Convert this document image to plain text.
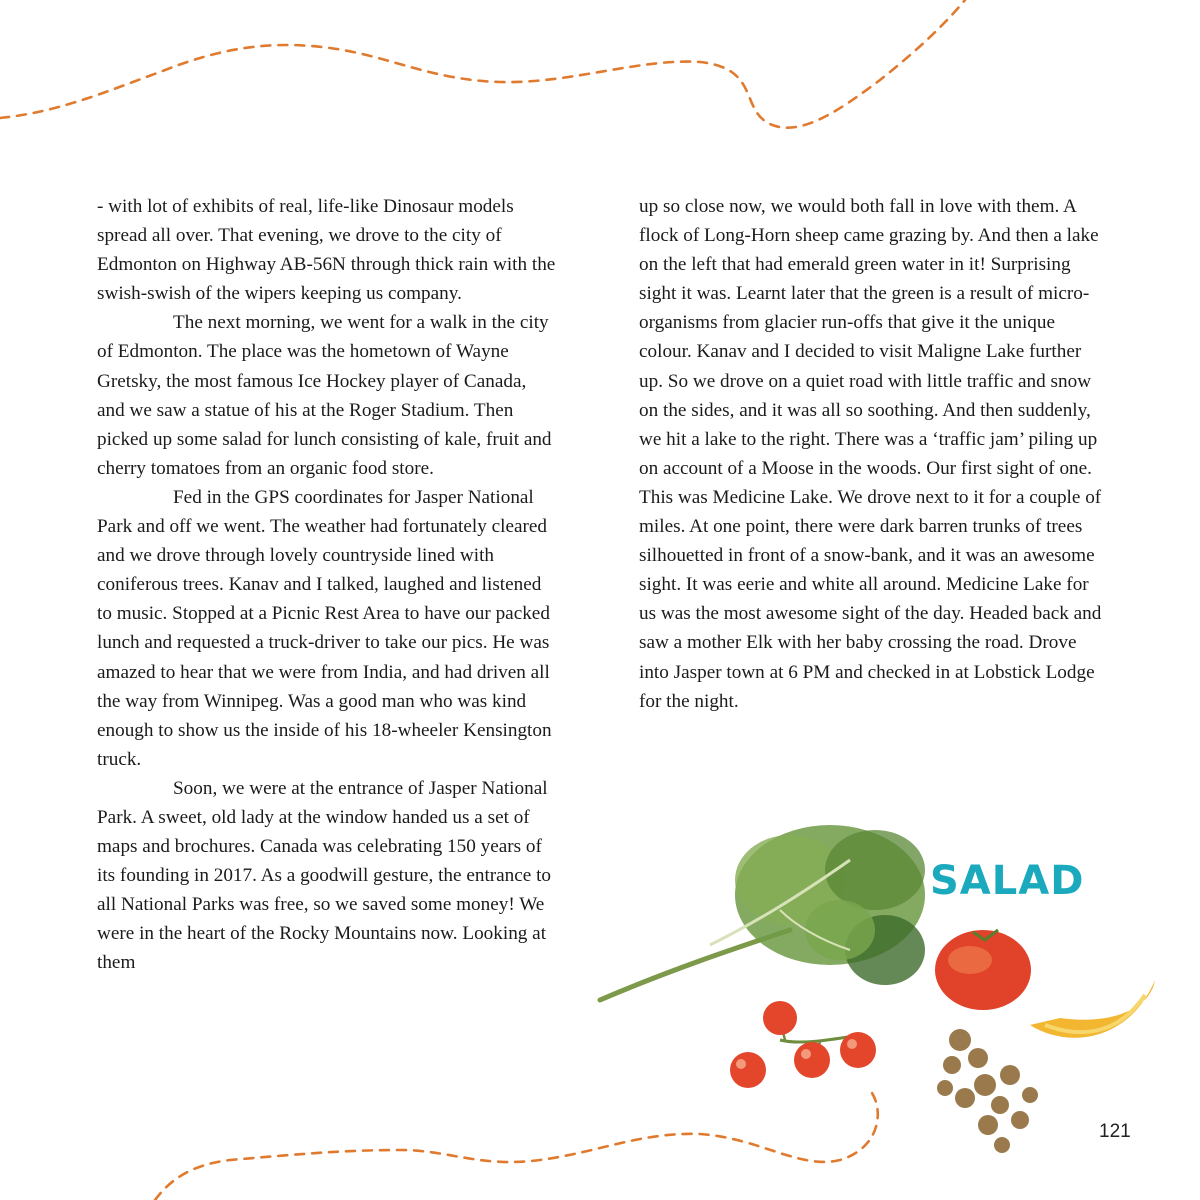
- with lot of exhibits of real, life-like Dinosaur models spread all over. That evening, we drove to the city of Edmonton on Highway AB-56N through thick rain with the swish-swish of the wipers keeping us company.

The next morning, we went for a walk in the city of Edmonton. The place was the hometown of Wayne Gretsky, the most famous Ice Hockey player of Canada, and we saw a statue of his at the Roger Stadium. Then picked up some salad for lunch consisting of kale, fruit and cherry tomatoes from an organic food store.

Fed in the GPS coordinates for Jasper National Park and off we went. The weather had fortunately cleared and we drove through lovely countryside lined with coniferous trees. Kanav and I talked, laughed and listened to music. Stopped at a Picnic Rest Area to have our packed lunch and requested a truck-driver to take our pics. He was amazed to hear that we were from India, and had driven all the way from Winnipeg. Was a good man who was kind enough to show us the inside of his 18-wheeler Kensington truck.

Soon, we were at the entrance of Jasper National Park. A sweet, old lady at the window handed us a set of maps and brochures. Canada was celebrating 150 years of its founding in 2017. As a goodwill gesture, the entrance to all National Parks was free, so we saved some money! We were in the heart of the Rocky Mountains now. Looking at them

up so close now, we would both fall in love with them. A flock of Long-Horn sheep came grazing by. And then a lake on the left that had emerald green water in it! Surprising sight it was. Learnt later that the green is a result of micro-organisms from glacier run-offs that give it the unique colour. Kanav and I decided to visit Maligne Lake further up. So we drove on a quiet road with little traffic and snow on the sides, and it was all so soothing. And then suddenly, we hit a lake to the right. There was a ‘traffic jam’ piling up on account of a Moose in the woods. Our first sight of one. This was Medicine Lake. We drove next to it for a couple of miles. At one point, there were dark barren trunks of trees silhouetted in front of a snow-bank, and it was an awesome sight. It was eerie and white all around. Medicine Lake for us was the most awesome sight of the day. Headed back and saw a mother Elk with her baby crossing the road. Drove into Jasper town at 6 PM and checked in at Lobstick Lodge for the night.

SALAD
121
